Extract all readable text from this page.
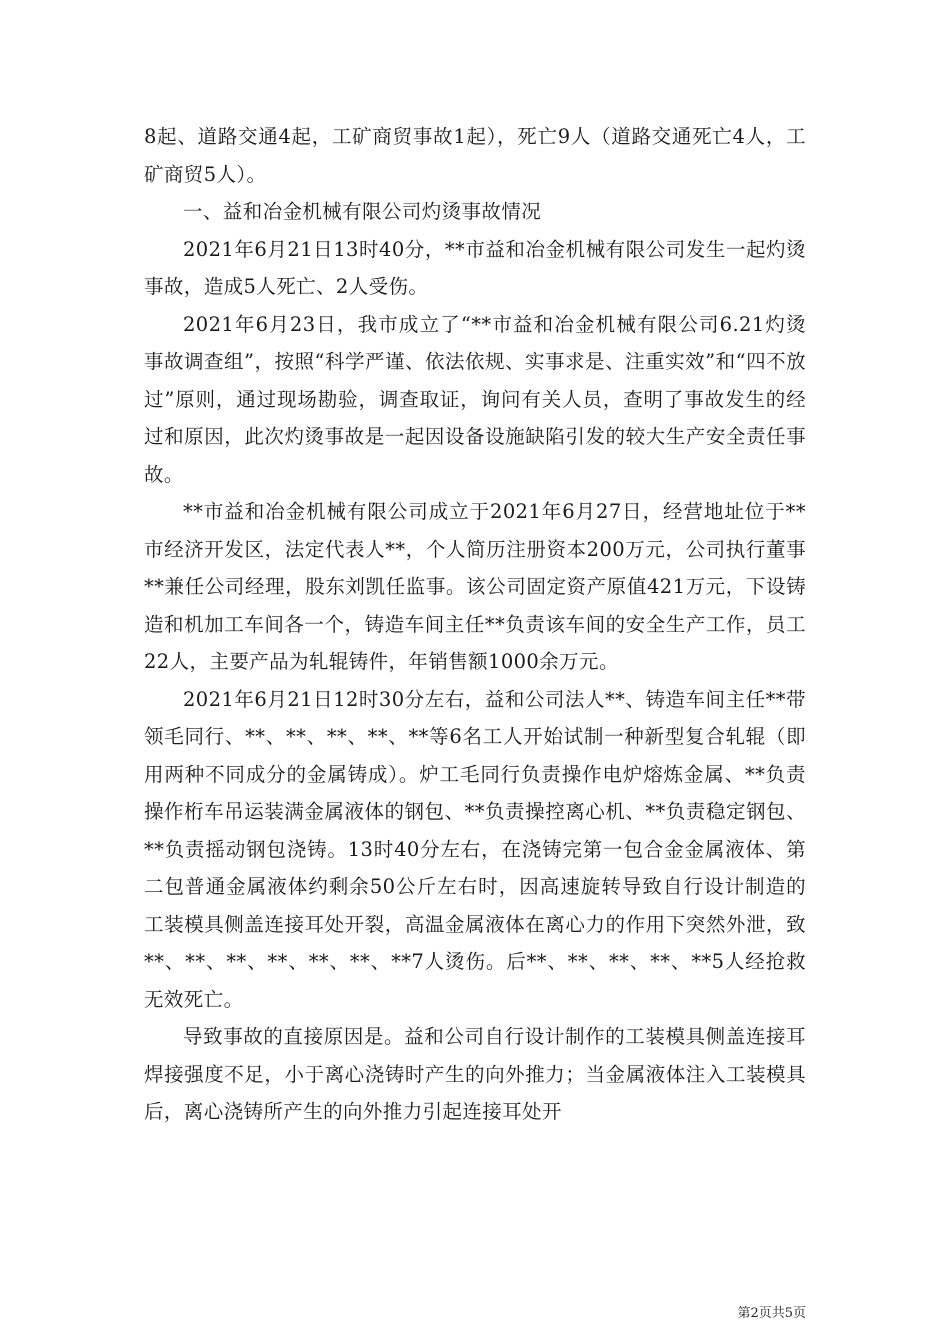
8起、道路交通4起，工矿商贸事故1起），死亡9人（道路交通死亡4人，工矿商贸5人）。

一、益和冶金机械有限公司灼烫事故情况

2021年6月21日13时40分，**市益和冶金机械有限公司发生一起灼烫事故，造成5人死亡、2人受伤。

2021年6月23日，我市成立了“**市益和冶金机械有限公司6.21灼烫事故调查组”，按照“科学严谨、依法依规、实事求是、注重实效”和“四不放过”原则，通过现场勘验，调查取证，询问有关人员，查明了事故发生的经过和原因，此次灼烫事故是一起因设备设施缺陷引发的较大生产安全责任事故。

**市益和冶金机械有限公司成立于2021年6月27日，经营地址位于**市经济开发区，法定代表人**，个人简历注册资本200万元，公司执行董事**兼任公司经理，股东刘凯任监事。该公司固定资产原值421万元，下设铸造和机加工车间各一个，铸造车间主任**负责该车间的安全生产工作，员工22人，主要产品为轧辊铸件，年销售额1000余万元。

2021年6月21日12时30分左右，益和公司法人**、铸造车间主任**带领毛同行、**、**、**、**、**等6名工人开始试制一种新型复合轧辊（即用两种不同成分的金属铸成）。炉工毛同行负责操作电炉熔炼金属、**负责操作桁车吊运装满金属液体的钢包、**负责操控离心机、**负责稳定钢包、**负责摇动钢包浇铸。13时40分左右，在浇铸完第一包合金金属液体、第二包普通金属液体约剩余50公斤左右时，因高速旋转导致自行设计制造的工装模具侧盖连接耳处开裂，高温金属液体在离心力的作用下突然外泄，致**、**、**、**、**、**、**7人烫伤。后**、**、**、**、**5人经抢救无效死亡。

导致事故的直接原因是。益和公司自行设计制作的工装模具侧盖连接耳焊接强度不足，小于离心浇铸时产生的向外推力；当金属液体注入工装模具后，离心浇铸所产生的向外推力引起连接耳处开

第2页共5页
